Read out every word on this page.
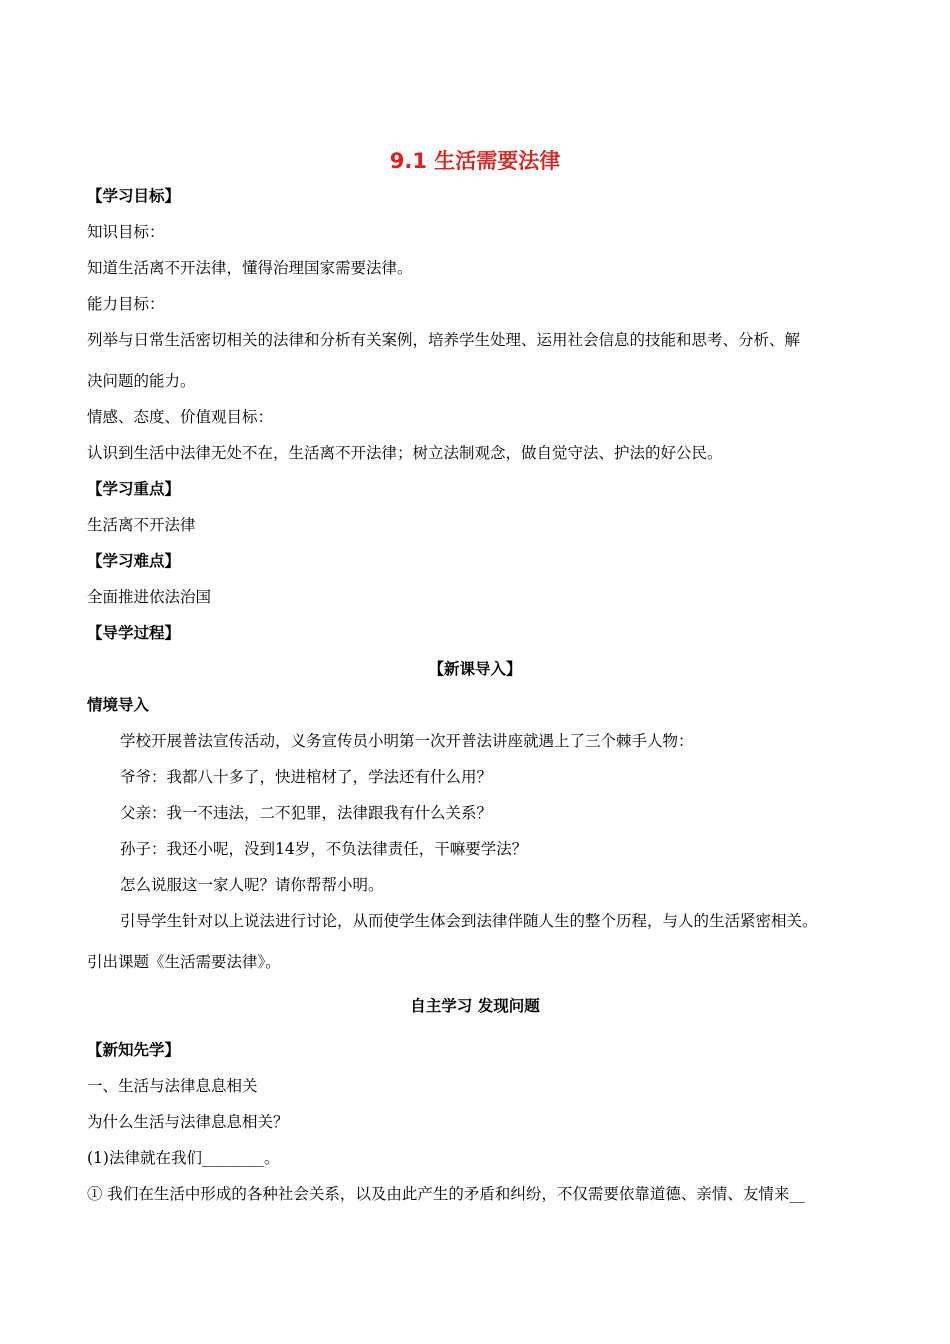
9.1 生活需要法律
【学习目标】
知识目标：
知道生活离不开法律，懂得治理国家需要法律。
能力目标：
列举与日常生活密切相关的法律和分析有关案例，培养学生处理、运用社会信息的技能和思考、分析、解
决问题的能力。
情感、态度、价值观目标：
认识到生活中法律无处不在，生活离不开法律；树立法制观念，做自觉守法、护法的好公民。
【学习重点】
生活离不开法律
【学习难点】
全面推进依法治国
【导学过程】
【新课导入】
情境导入
学校开展普法宣传活动，义务宣传员小明第一次开普法讲座就遇上了三个棘手人物：
爷爷：我都八十多了，快进棺材了，学法还有什么用？
父亲：我一不违法，二不犯罪，法律跟我有什么关系？
孙子：我还小呢，没到14岁，不负法律责任，干嘛要学法？
怎么说服这一家人呢？请你帮帮小明。
引导学生针对以上说法进行讨论，从而使学生体会到法律伴随人生的整个历程，与人的生活紧密相关。
引出课题《生活需要法律》。
自主学习 发现问题
【新知先学】
一、生活与法律息息相关
为什么生活与法律息息相关？
(1)法律就在我们________。
① 我们在生活中形成的各种社会关系，以及由此产生的矛盾和纠纷，不仅需要依靠道德、亲情、友情来__
